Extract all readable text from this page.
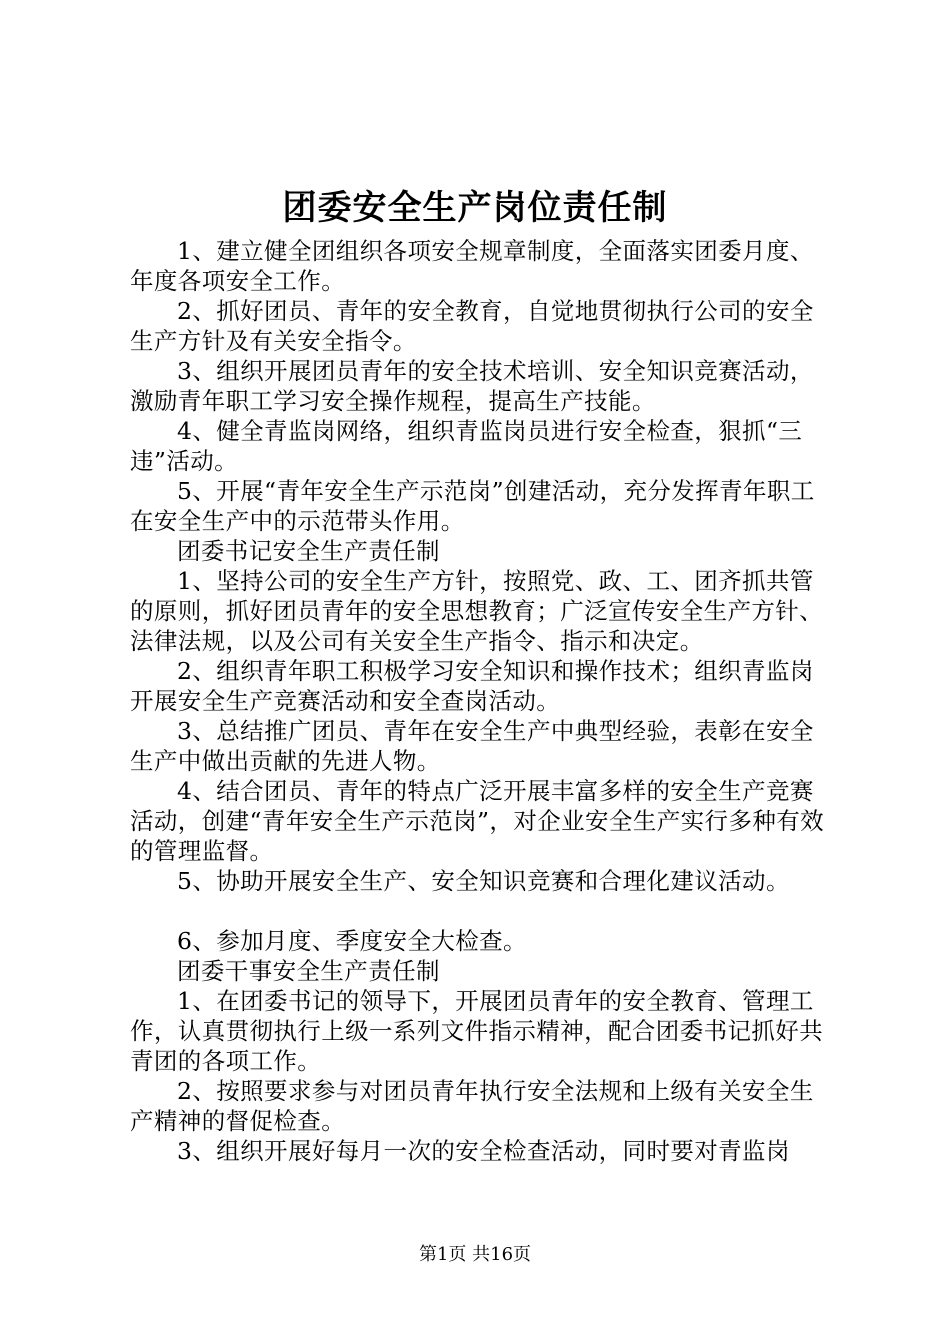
团委安全生产岗位责任制

1、建立健全团组织各项安全规章制度，全面落实团委月度、年度各项安全工作。

2、抓好团员、青年的安全教育，自觉地贯彻执行公司的安全生产方针及有关安全指令。

3、组织开展团员青年的安全技术培训、安全知识竞赛活动，激励青年职工学习安全操作规程，提高生产技能。

4、健全青监岗网络，组织青监岗员进行安全检查，狠抓“三违”活动。

5、开展“青年安全生产示范岗”创建活动，充分发挥青年职工在安全生产中的示范带头作用。

团委书记安全生产责任制

1、坚持公司的安全生产方针，按照党、政、工、团齐抓共管的原则，抓好团员青年的安全思想教育；广泛宣传安全生产方针、法律法规，以及公司有关安全生产指令、指示和决定。

2、组织青年职工积极学习安全知识和操作技术；组织青监岗开展安全生产竞赛活动和安全查岗活动。

3、总结推广团员、青年在安全生产中典型经验，表彰在安全生产中做出贡献的先进人物。

4、结合团员、青年的特点广泛开展丰富多样的安全生产竞赛活动，创建“青年安全生产示范岗”，对企业安全生产实行多种有效的管理监督。

5、协助开展安全生产、安全知识竞赛和合理化建议活动。

6、参加月度、季度安全大检查。

团委干事安全生产责任制

1、在团委书记的领导下，开展团员青年的安全教育、管理工作，认真贯彻执行上级一系列文件指示精神，配合团委书记抓好共青团的各项工作。

2、按照要求参与对团员青年执行安全法规和上级有关安全生产精神的督促检查。

3、组织开展好每月一次的安全检查活动，同时要对青监岗

第1页 共16页
